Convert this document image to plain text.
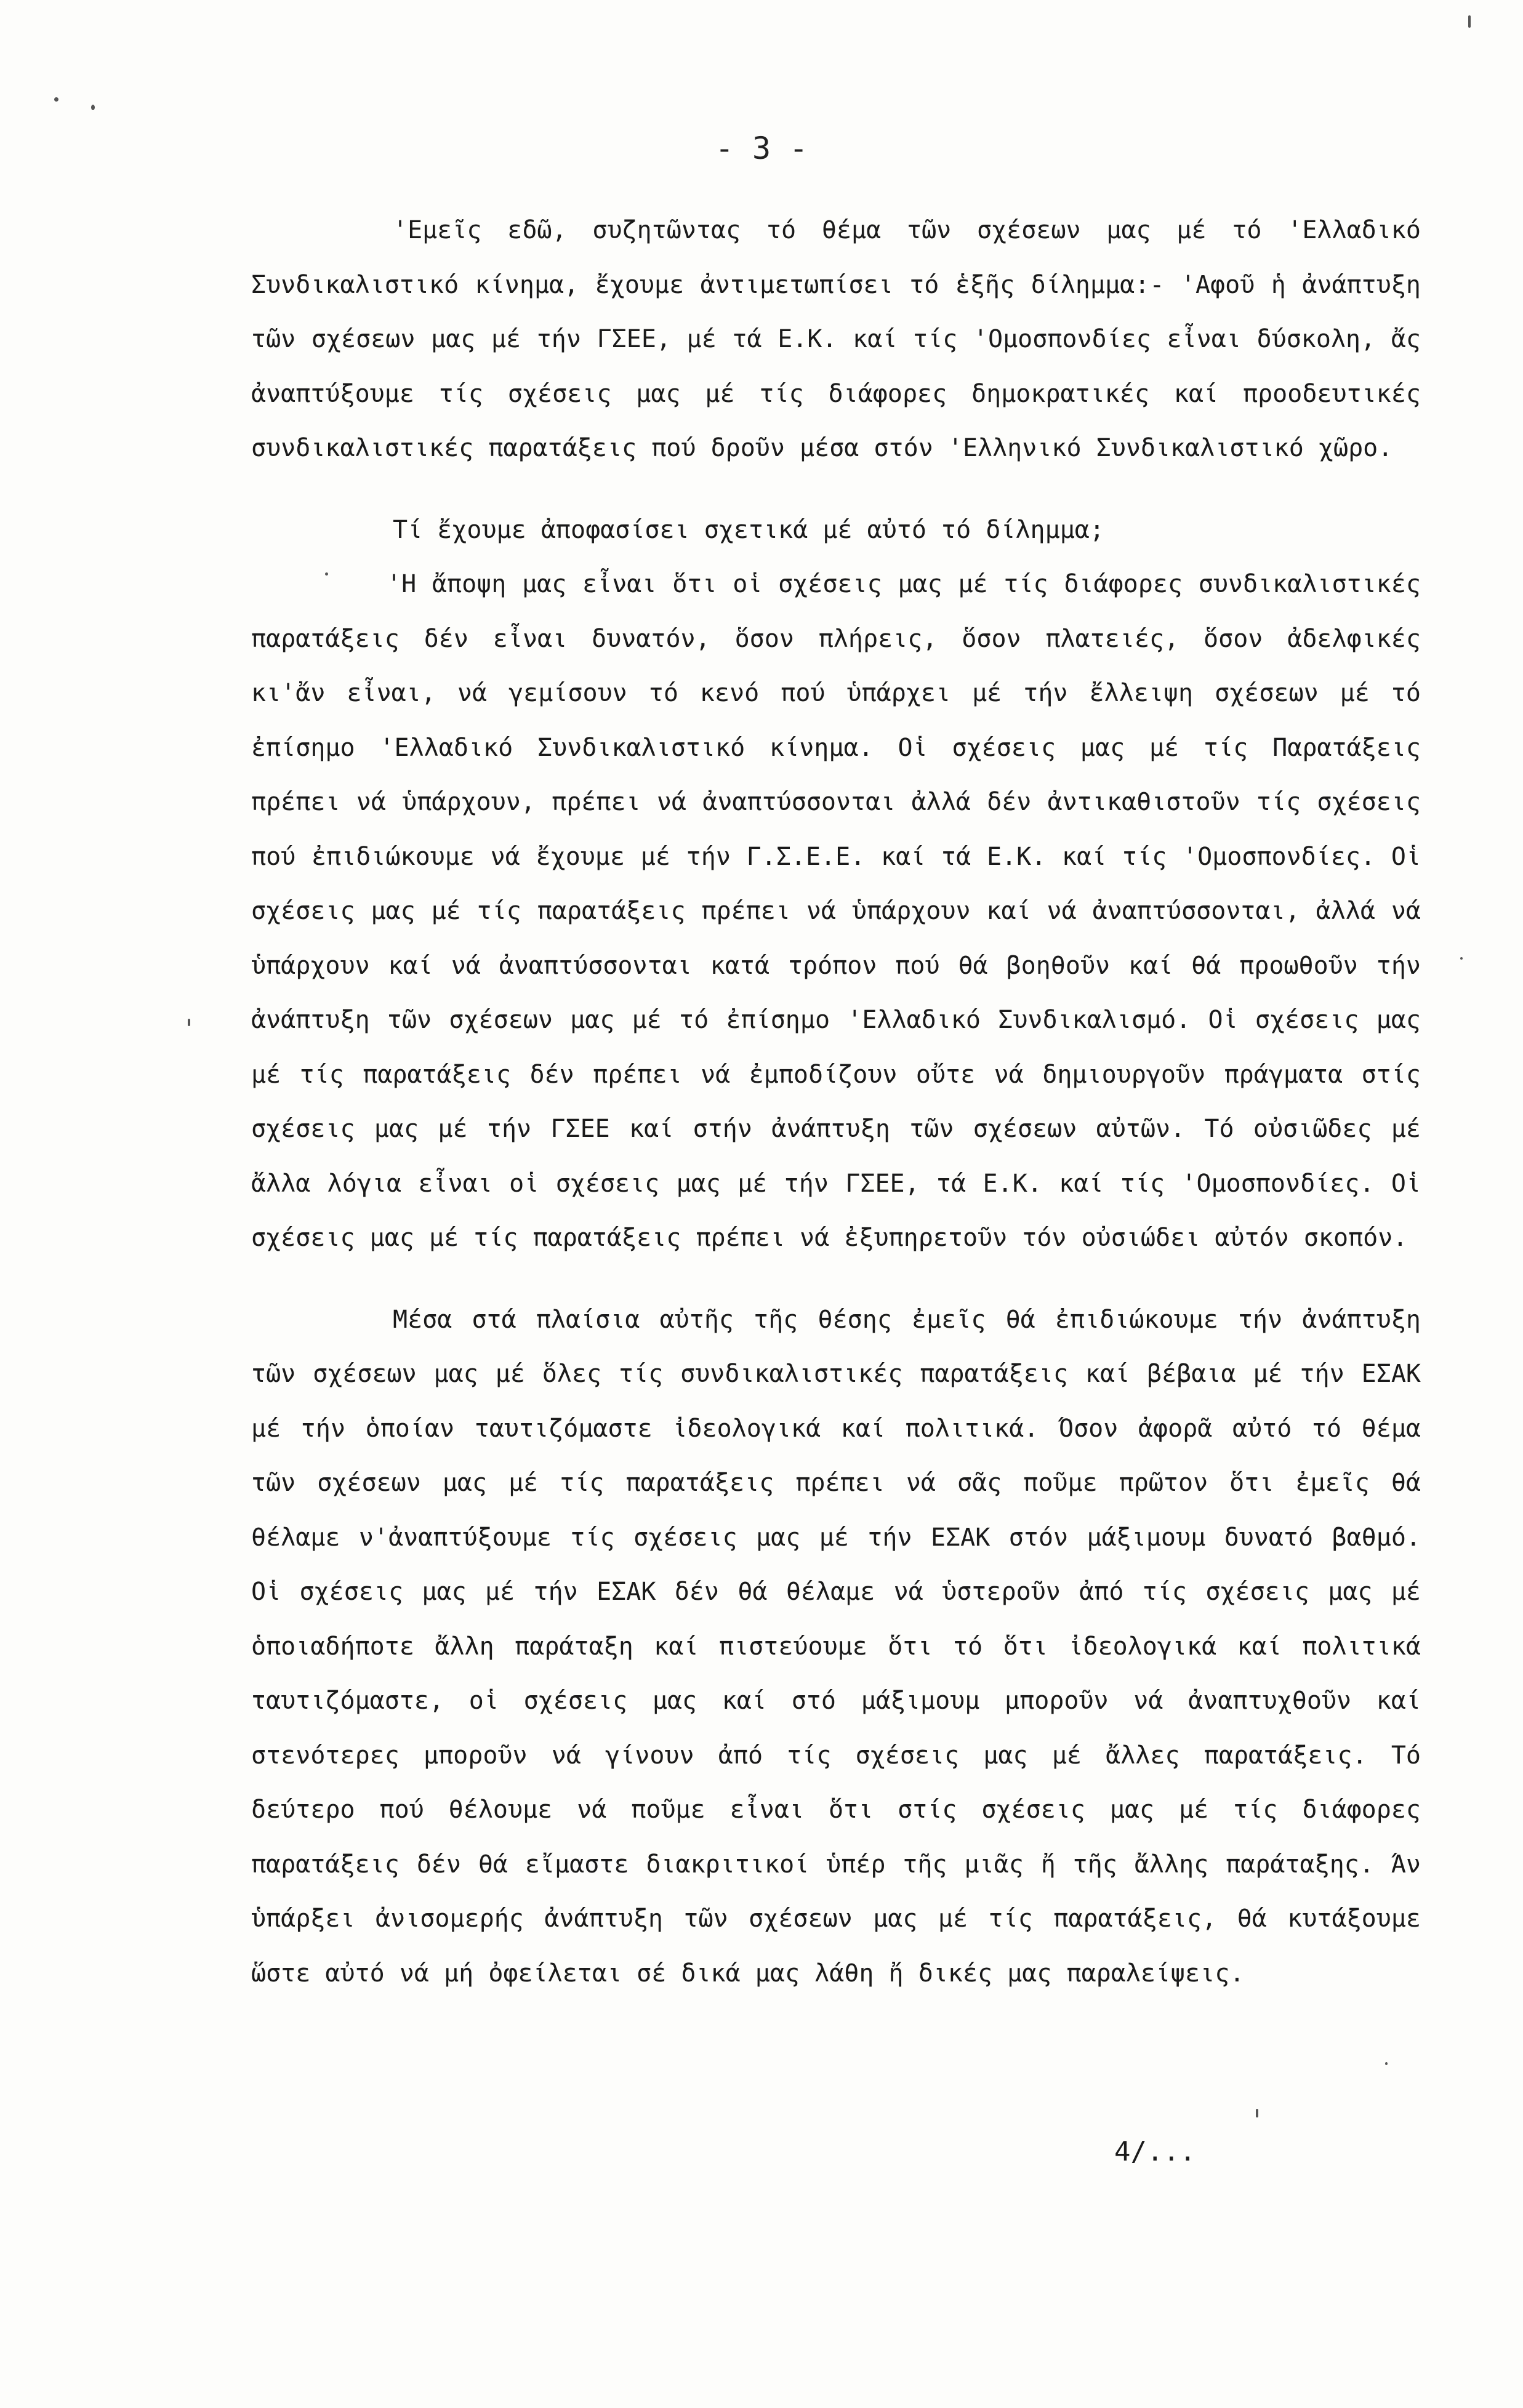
- 3 -

'Εμεῖς εδῶ, συζητῶντας τό θέμα τῶν σχέσεων μας μέ τό 'Ελλαδικό Συνδικαλιστικό κίνημα, ἔχουμε ἀντιμετωπίσει τό ἑξῆς δίλημμα:- 'Αφοῦ ἡ ἀνάπτυξη τῶν σχέσεων μας μέ τήν ΓΣΕΕ, μέ τά Ε.Κ. καί τίς 'Ομοσπονδίες εἶναι δύσκολη, ἄς ἀναπτύξουμε τίς σχέσεις μας μέ τίς διάφορες δημοκρατικές καί προοδευτικές συνδικαλιστικές παρατάξεις πού δροῦν μέσα στόν 'Ελληνικό Συνδικαλιστικό χῶρο.

Τί ἔχουμε ἀποφασίσει σχετικά μέ αὐτό τό δίλημμα;

'Η ἄποψη μας εἶναι ὅτι οἱ σχέσεις μας μέ τίς διάφορες συνδικαλιστικές παρατάξεις δέν εἶναι δυνατόν, ὅσον πλήρεις, ὅσον πλατειές, ὅσον ἀδελφικές κι'ἄν εἶναι, νά γεμίσουν τό κενό πού ὑπάρχει μέ τήν ἔλλειψη σχέσεων μέ τό ἐπίσημο 'Ελλαδικό Συνδικαλιστικό κίνημα. Οἱ σχέσεις μας μέ τίς Παρατάξεις πρέπει νά ὑπάρχουν, πρέπει νά ἀναπτύσσονται ἀλλά δέν ἀντικαθιστοῦν τίς σχέσεις πού ἐπιδιώκουμε νά ἔχουμε μέ τήν Γ.Σ.Ε.Ε. καί τά Ε.Κ. καί τίς 'Ομοσπονδίες. Οἱ σχέσεις μας μέ τίς παρατάξεις πρέπει νά ὑπάρχουν καί νά ἀναπτύσσονται, ἀλλά νά ὑπάρχουν καί νά ἀναπτύσσονται κατά τρόπον πού θά βοηθοῦν καί θά προωθοῦν τήν ἀνάπτυξη τῶν σχέσεων μας μέ τό ἐπίσημο 'Ελλαδικό Συνδικαλισμό. Οἱ σχέσεις μας μέ τίς παρατάξεις δέν πρέπει νά ἐμποδίζουν οὔτε νά δημιουργοῦν πράγματα στίς σχέσεις μας μέ τήν ΓΣΕΕ καί στήν ἀνάπτυξη τῶν σχέσεων αὐτῶν. Τό οὐσιῶδες μέ ἄλλα λόγια εἶναι οἱ σχέσεις μας μέ τήν ΓΣΕΕ, τά Ε.Κ. καί τίς 'Ομοσπονδίες. Οἱ σχέσεις μας μέ τίς παρατάξεις πρέπει νά ἐξυπηρετοῦν τόν οὐσιώδει αὐτόν σκοπόν.

Μέσα στά πλαίσια αὐτῆς τῆς θέσης ἐμεῖς θά ἐπιδιώκουμε τήν ἀνάπτυξη τῶν σχέσεων μας μέ ὅλες τίς συνδικαλιστικές παρατάξεις καί βέβαια μέ τήν ΕΣΑΚ μέ τήν ὁποίαν ταυτιζόμαστε ἰδεολογικά καί πολιτικά. Όσον ἀφορᾶ αὐτό τό θέμα τῶν σχέσεων μας μέ τίς παρατάξεις πρέπει νά σᾶς ποῦμε πρῶτον ὅτι ἐμεῖς θά θέλαμε ν'ἀναπτύξουμε τίς σχέσεις μας μέ τήν ΕΣΑΚ στόν μάξιμουμ δυνατό βαθμό. Οἱ σχέσεις μας μέ τήν ΕΣΑΚ δέν θά θέλαμε νά ὑστεροῦν ἀπό τίς σχέσεις μας μέ ὁποιαδήποτε ἄλλη παράταξη καί πιστεύουμε ὅτι τό ὅτι ἰδεολογικά καί πολιτικά ταυτιζόμαστε, οἱ σχέσεις μας καί στό μάξιμουμ μποροῦν νά ἀναπτυχθοῦν καί στενότερες μποροῦν νά γίνουν ἀπό τίς σχέσεις μας μέ ἄλλες παρατάξεις. Τό δεύτερο πού θέλουμε νά ποῦμε εἶναι ὅτι στίς σχέσεις μας μέ τίς διάφορες παρατάξεις δέν θά εἴμαστε διακριτικοί ὑπέρ τῆς μιᾶς ἤ τῆς ἄλλης παράταξης. Άν ὑπάρξει ἀνισομερής ἀνάπτυξη τῶν σχέσεων μας μέ τίς παρατάξεις, θά κυτάξουμε ὥστε αὐτό νά μή ὀφείλεται σέ δικά μας λάθη ἤ δικές μας παραλείψεις.

4/...
